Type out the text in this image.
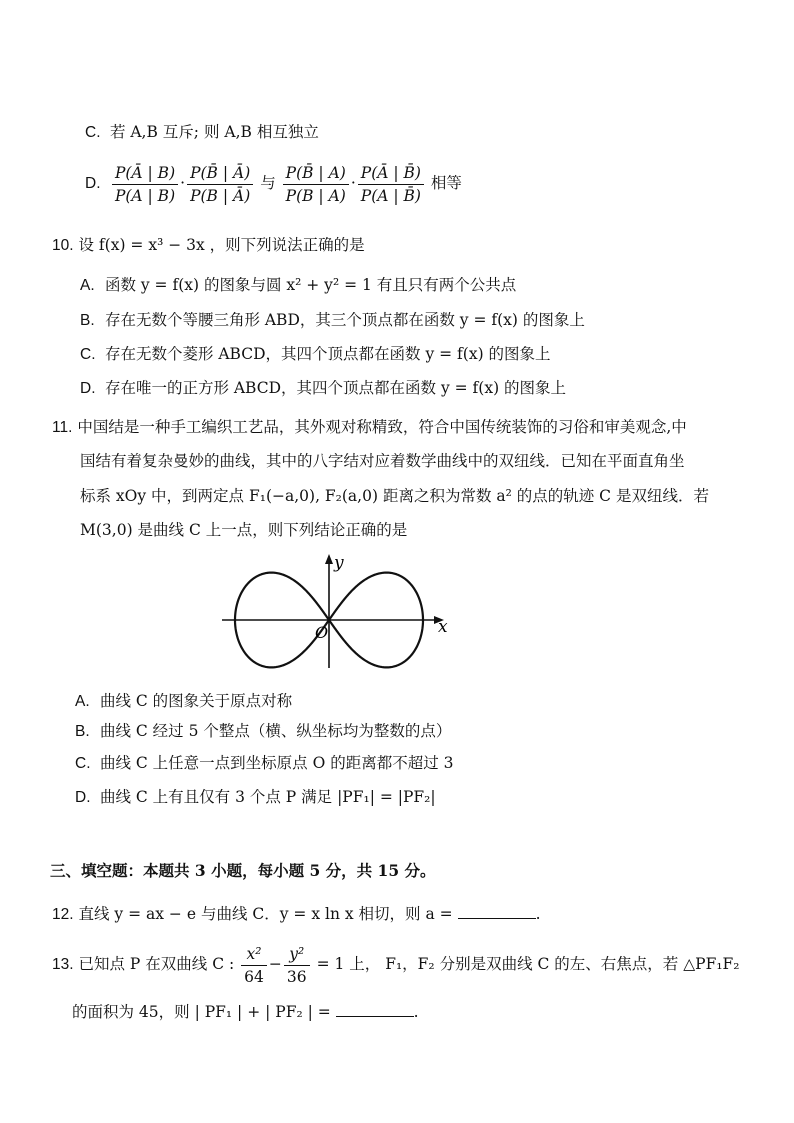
C. 若 A,B 互斥; 则 A,B 相互独立
D. $\frac{P(Ā | B)}{P(A | B)} \cdot \frac{P(B̄ | Ā)}{P(B | Ā)}$ 与 $\frac{P(B̄ | A)}{P(B | A)} \cdot \frac{P(Ā | B̄)}{P(A | B̄)}$ 相等
10. 设 f(x) = x³ − 3x ，则下列说法正确的是
A. 函数 y = f(x) 的图象与圆 x² + y² = 1 有且只有两个公共点
B. 存在无数个等腰三角形 ABD，其三个顶点都在函数 y = f(x) 的图象上
C. 存在无数个菱形 ABCD，其四个顶点都在函数 y = f(x) 的图象上
D. 存在唯一的正方形 ABCD，其四个顶点都在函数 y = f(x) 的图象上
11. 中国结是一种手工编织工艺品，其外观对称精致，符合中国传统装饰的习俗和审美观念,中
国结有着复杂曼妙的曲线，其中的八字结对应着数学曲线中的双纽线．已知在平面直角坐
标系 xOy 中，到两定点 F₁(−a,0), F₂(a,0) 距离之积为常数 a² 的点的轨迹 C 是双纽线．若
M(3,0) 是曲线 C 上一点，则下列结论正确的是
x
y
O
A. 曲线 C 的图象关于原点对称
B. 曲线 C 经过 5 个整点（横、纵坐标均为整数的点）
C. 曲线 C 上任意一点到坐标原点 O 的距离都不超过 3
D. 曲线 C 上有且仅有 3 个点 P 满足 |PF₁| = |PF₂|
三、填空题：本题共 3 小题，每小题 5 分，共 15 分。
12. 直线 y = ax − e 与曲线 C．y = x ln x 相切，则 a =	.
13. 已知点 P 在双曲线 C : $\frac{\text{x²}}{64} - \frac{\text{y²}}{36} = 1$ 上， F₁，F₂ 分别是双曲线 C 的左、右焦点，若 △PF₁F₂
的面积为 45，则 | PF₁ | + | PF₂ | =	.
